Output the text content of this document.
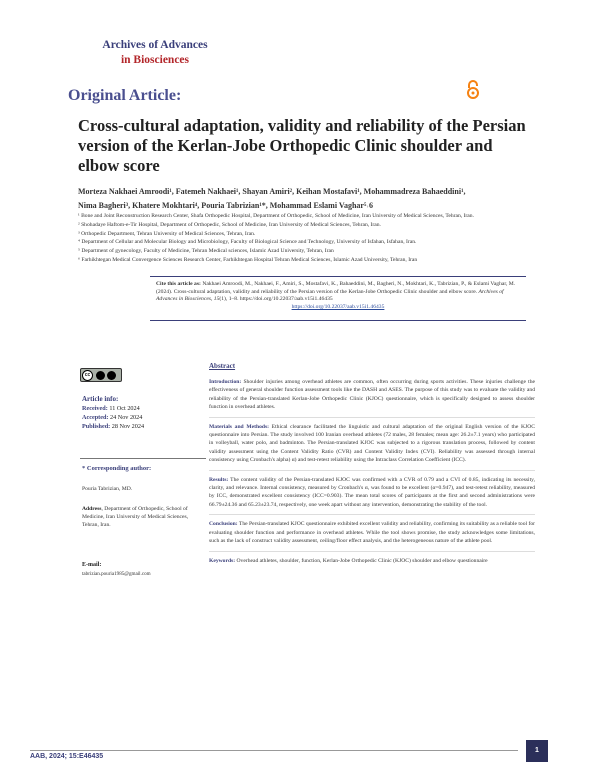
Archives of Advances
in Biosciences
Original Article:
Cross-cultural adaptation, validity and reliability of the Persian version of the Kerlan-Jobe Orthopedic Clinic shoulder and elbow score
Morteza Nakhaei Amroodi¹, Fatemeh Nakhaei¹, Shayan Amiri², Keihan Mostafavi¹, Mohammadreza Bahaeddini¹,
Nima Bagheri³, Khatere Mokhtari⁴, Pouria Tabrizian¹*, Mohammad Eslami Vaghar⁵˒6
¹ Bone and Joint Reconstruction Research Center, Shafa Orthopedic Hospital, Department of Orthopedic, School of Medicine, Iran University of Medical Sciences, Tehran, Iran.
² Shohadaye Haftom-e-Tir Hospital, Department of Orthopedic, School of Medicine, Iran University of Medical Sciences, Tehran, Iran.
³ Orthopedic Department, Tehran University of Medical Sciences, Tehran, Iran.
⁴ Department of Cellular and Molecular Biology and Microbiology, Faculty of Biological Science and Technology, University of Isfahan, Isfahan, Iran.
⁵ Department of gynecology, Faculty of Medicine, Tehran Medical sciences, Islamic Azad University, Tehran, Iran
⁶ Farhikhtegan Medical Convergence Sciences Research Center, Farhikhtegan Hospital Tehran Medical Sciences, Islamic Azad University, Tehran, Iran
Cite this article as: Nakhaei Amroodi, M., Nakhaei, F., Amiri, S., Mostafavi, K., Bahaeddini, M., Bagheri, N., Mokhtari, K., Tabrizian, P., & Eslami Vaghar, M. (2024). Cross-cultural adaptation, validity and reliability of the Persian version of the Kerlan-Jobe Orthopedic Clinic shoulder and elbow score. Archives of Advances in Biosciences, 15(1), 1–8. https://doi.org/10.22037/aab.v15i1.46435
https://doi.org/10.22037/aab.v15i1.46435
cc
Article info:
Received: 11 Oct 2024
Accepted: 24 Nov 2024
Published: 28 Nov 2024
* Corresponding author:
Pouria Tabrizian, MD.
Address, Department of Orthopedic, School of Medicine, Iran University of Medical Sciences, Tehran, Iran.
E-mail:
tabrizian.pouria1985@gmail.com
Abstract
Introduction: Shoulder injuries among overhead athletes are common, often occurring during sports activities. These injuries challenge the effectiveness of general shoulder function assessment tools like the DASH and ASES. The purpose of this study was to evaluate the validity and reliability of the Persian-translated Kerlan-Jobe Orthopedic Clinic (KJOC) questionnaire, which is specifically designed to assess shoulder function in overhead athletes.
Materials and Methods: Ethical clearance facilitated the linguistic and cultural adaptation of the original English version of the KJOC questionnaire into Persian. The study involved 100 Iranian overhead athletes (72 males, 28 females; mean age: 26.2±7.1 years) who participated in volleyball, water polo, and badminton. The Persian-translated KJOC was subjected to a rigorous translation process, followed by content validity assessment using the Content Validity Ratio (CVR) and Content Validity Index (CVI). Reliability was assessed through internal consistency using Cronbach's alpha) α) and test-retest reliability using the Intraclass Correlation Coefficient (ICC).
Results: The content validity of the Persian-translated KJOC was confirmed with a CVR of 0.79 and a CVI of 0.85, indicating its necessity, clarity, and relevance. Internal consistency, measured by Cronbach's α, was found to be excellent (α=0.947), and test-retest reliability, measured by ICC, demonstrated excellent consistency (ICC=0.903). The mean total scores of participants at the first and second administrations were 66.79±24.36 and 65.23±23.74, respectively, one week apart without any intervention, demonstrating the stability of the tool.
Conclusion: The Persian-translated KJOC questionnaire exhibited excellent validity and reliability, confirming its suitability as a reliable tool for evaluating shoulder function and performance in overhead athletes. While the tool shows promise, the study acknowledges some limitations, such as the lack of construct validity assessment, ceiling/floor effect analysis, and the heterogeneous nature of the athlete pool.
Keywords: Overhead athletes, shoulder, function, Kerlan-Jobe Orthopedic Clinic (KJOC) shoulder and elbow questionnaire
AAB, 2024; 15:E46435
1
